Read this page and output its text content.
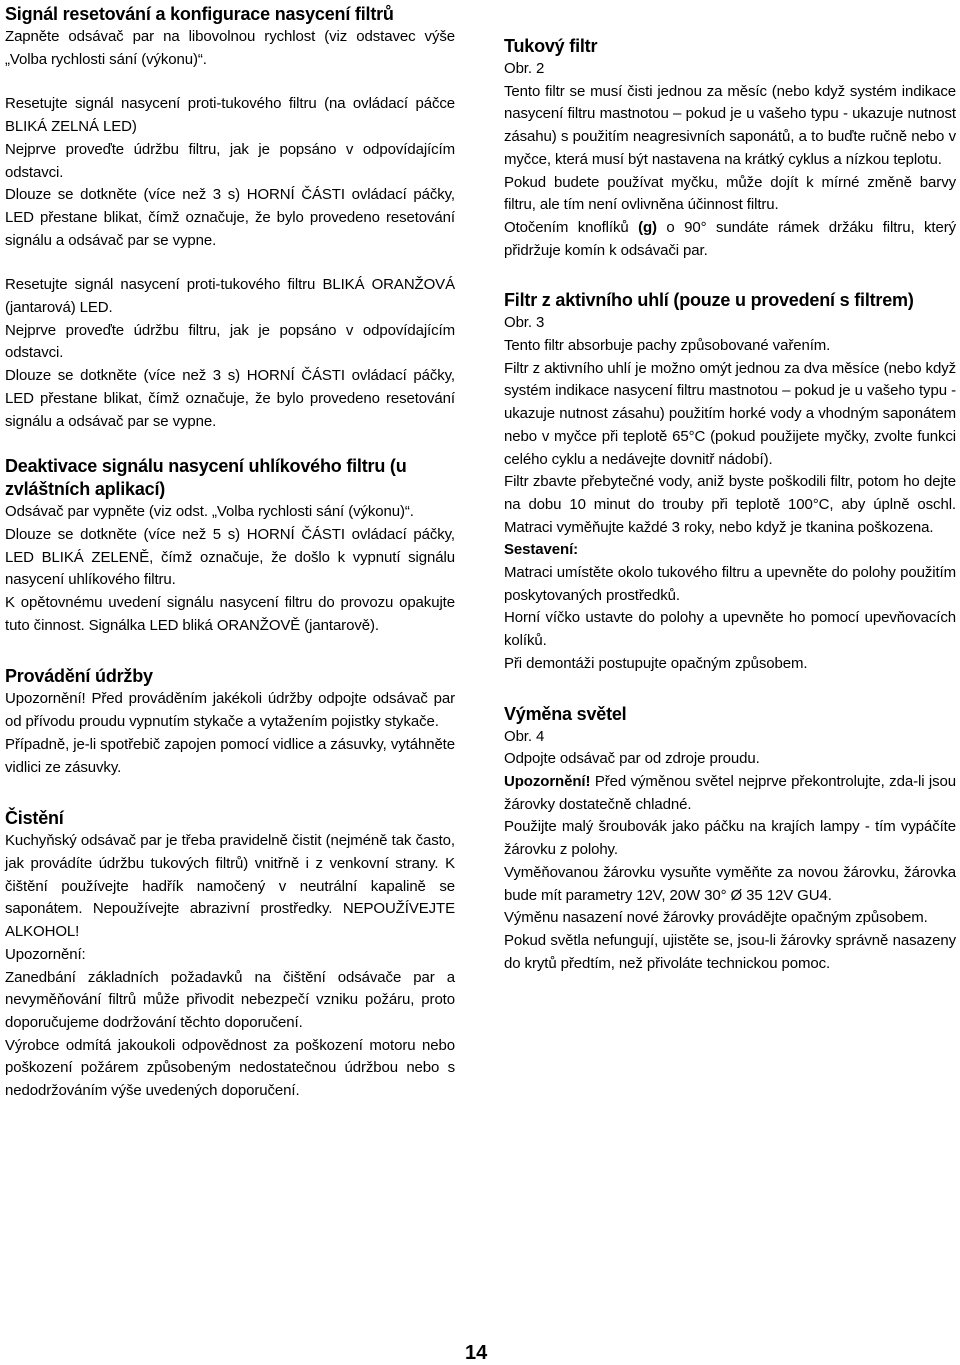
Signál resetování a konfigurace nasycení filtrů

Zapněte odsávač par na libovolnou rychlost (viz odstavec výše „Volba rychlosti sání (výkonu)“.

Resetujte signál nasycení proti-tukového filtru (na ovládací páčce BLIKÁ ZELNÁ LED)

Nejprve proveďte údržbu filtru, jak je popsáno v odpovídajícím odstavci.

Dlouze se dotkněte (více než 3 s) HORNÍ ČÁSTI ovládací páčky, LED přestane blikat, čímž označuje, že bylo provedeno resetování signálu a odsávač par se vypne.

Resetujte signál nasycení proti-tukového filtru BLIKÁ ORANŽOVÁ (jantarová) LED.

Nejprve proveďte údržbu filtru, jak je popsáno v odpovídajícím odstavci.

Dlouze se dotkněte (více než 3 s) HORNÍ ČÁSTI ovládací páčky, LED přestane blikat, čímž označuje, že bylo provedeno resetování signálu a odsávač par se vypne.

Deaktivace signálu nasycení uhlíkového filtru (u zvláštních aplikací)

Odsávač par vypněte (viz odst. „Volba rychlosti sání (výkonu)“.

Dlouze se dotkněte (více než 5 s) HORNÍ ČÁSTI ovládací páčky, LED BLIKÁ ZELENĚ, čímž označuje, že došlo k vypnutí signálu nasycení uhlíkového filtru.

K opětovnému uvedení signálu nasycení filtru do provozu opakujte tuto činnost. Signálka LED bliká ORANŽOVĚ (jantarově).

Provádění údržby

Upozornění! Před prováděním jakékoli údržby odpojte odsávač par od přívodu proudu vypnutím stykače a vytažením pojistky stykače.

Případně, je-li spotřebič zapojen pomocí vidlice a zásuvky, vytáhněte vidlici ze zásuvky.

Čistění

Kuchyňský odsávač par je třeba pravidelně čistit (nejméně tak často, jak provádíte údržbu tukových filtrů) vnitřně i z venkovní strany. K čištění používejte hadřík namočený v neutrální kapalině se saponátem. Nepoužívejte abrazivní prostředky. NEPOUŽÍVEJTE ALKOHOL!

Upozornění:

Zanedbání základních požadavků na čištění odsávače par a nevyměňování filtrů může přivodit nebezpečí vzniku požáru, proto doporučujeme dodržování těchto doporučení.

Výrobce odmítá jakoukoli odpovědnost za poškození motoru nebo poškození požárem způsobeným nedostatečnou údržbou nebo s nedodržováním výše uvedených doporučení.

Tukový filtr

Obr. 2

Tento filtr se musí čisti jednou za měsíc (nebo když systém indikace nasycení filtru mastnotou – pokud je u vašeho typu - ukazuje nutnost zásahu) s použitím neagresivních saponátů, a to buďte ručně nebo v myčce, která musí být nastavena na krátký cyklus a nízkou teplotu.

Pokud budete používat myčku, může dojít k mírné změně barvy filtru, ale tím není ovlivněna účinnost filtru.

Otočením knoflíků (g) o 90° sundáte rámek držáku filtru, který přidržuje komín k odsávači par.

Filtr z aktivního uhlí (pouze u provedení s filtrem)

Obr. 3

Tento filtr absorbuje pachy způsobované vařením.

Filtr z aktivního uhlí je možno omýt jednou za dva měsíce (nebo když systém indikace nasycení filtru mastnotou – pokud je u vašeho typu - ukazuje nutnost zásahu) použitím horké vody a vhodným saponátem nebo v myčce při teplotě 65°C (pokud použijete myčky, zvolte funkci celého cyklu a nedávejte dovnitř nádobí).

Filtr zbavte přebytečné vody, aniž byste poškodili filtr, potom ho dejte na dobu 10 minut do trouby při teplotě 100°C, aby úplně oschl. Matraci vyměňujte každé 3 roky, nebo když je tkanina poškozena.

Sestavení:

Matraci umístěte okolo tukového filtru a upevněte do polohy použitím poskytovaných prostředků.

Horní víčko ustavte do polohy a upevněte ho pomocí upevňovacích kolíků.

Při demontáži postupujte opačným způsobem.

Výměna světel

Obr. 4

Odpojte odsávač par od zdroje proudu.

Upozornění! Před výměnou světel nejprve překontrolujte, zda-li jsou žárovky dostatečně chladné.

Použijte malý šroubovák jako páčku na krajích lampy - tím vypáčíte žárovku z polohy.

Vyměňovanou žárovku vysuňte vyměňte za novou žárovku, žárovka bude mít parametry 12V, 20W 30° Ø 35 12V GU4.

Výměnu nasazení nové žárovky provádějte opačným způsobem.

Pokud světla nefungují, ujistěte se, jsou-li žárovky správně nasazeny do krytů předtím, než přivoláte technickou pomoc.

14
